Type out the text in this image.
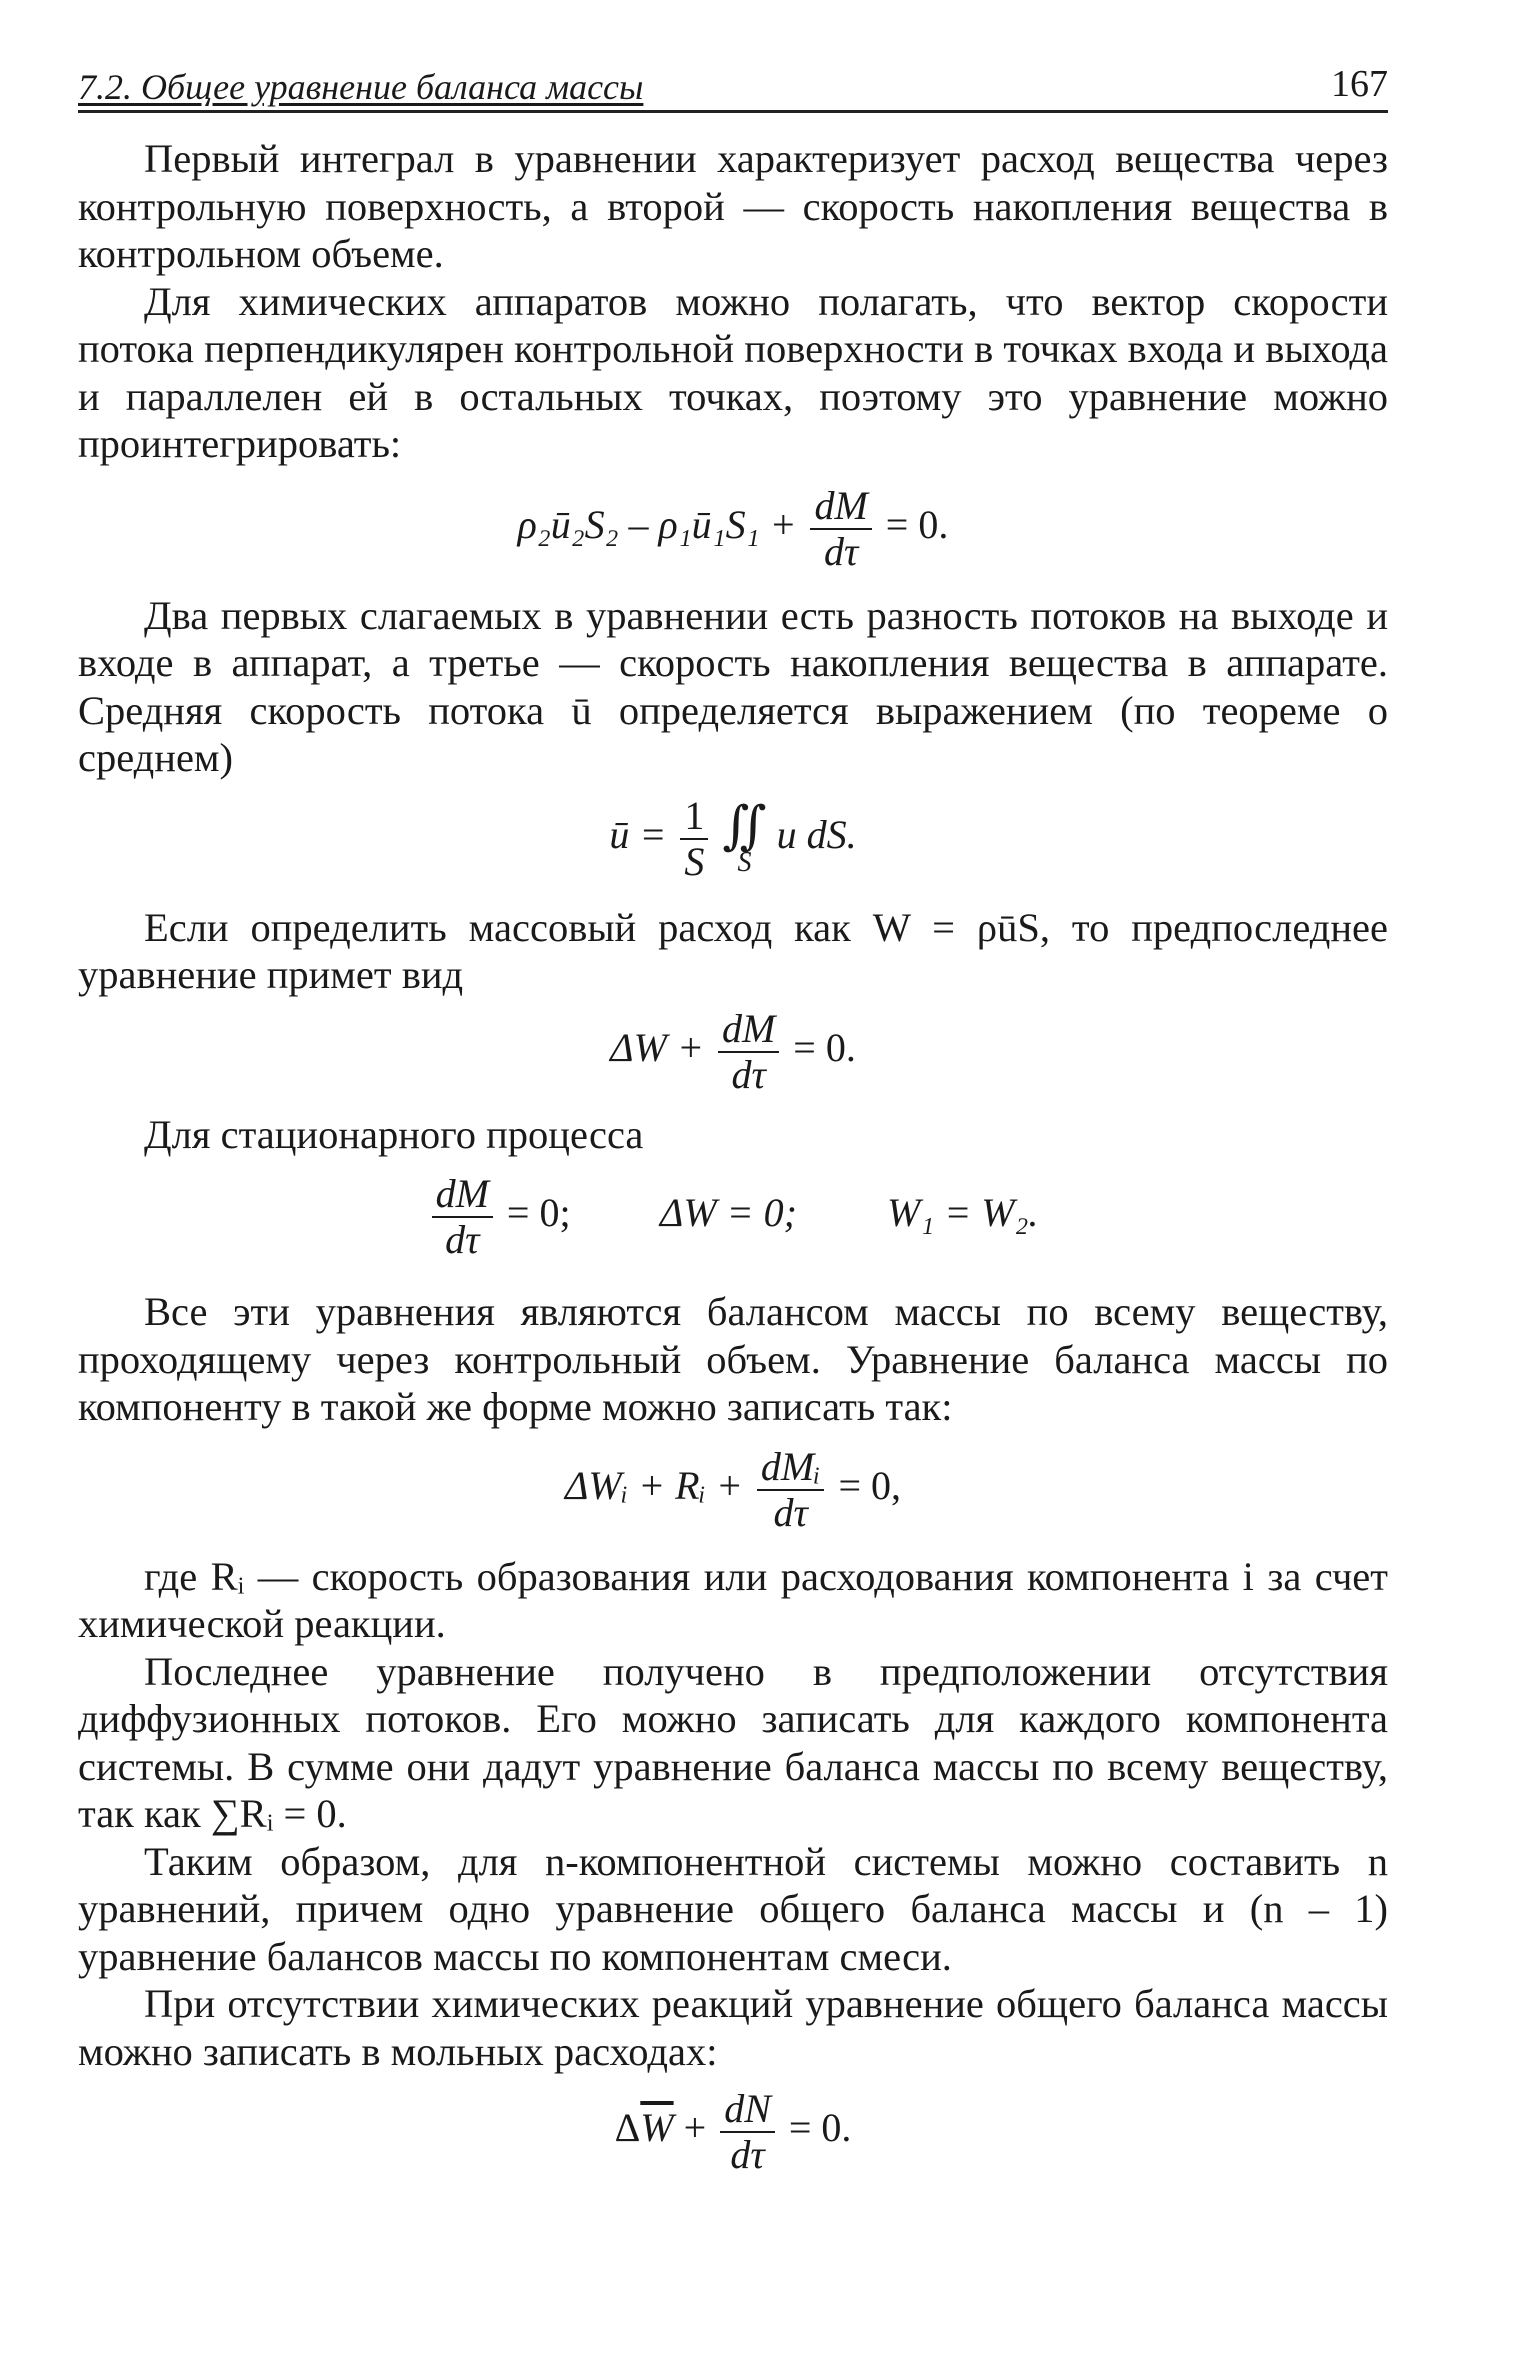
7.2. Общее уравнение баланса массы	167

Первый интеграл в уравнении характеризует расход вещества через контрольную поверхность, а второй — скорость накопления вещества в контрольном объеме.

Для химических аппаратов можно полагать, что вектор скорости потока перпендикулярен контрольной поверхности в точках входа и выхода и параллелен ей в остальных точках, поэтому это уравнение можно проинтегрировать:

ρ₂ū₂S₂ – ρ₁ū₁S₁ + $\frac{dM}{d\tau} = 0$.

Два первых слагаемых в уравнении есть разность потоков на выходе и входе в аппарат, а третье — скорость накопления вещества в аппарате. Средняя скорость потока ū определяется выражением (по теореме о среднем)

ū = $\frac{1}{S}$
∬
S
u dS.

Если определить массовый расход как W = ρūS, то предпоследнее уравнение примет вид

$\Delta W + \frac{dM}{d\tau} = 0$.

Для стационарного процесса

$\frac{dM}{d\tau} = 0$; ΔW = 0; W₁ = W₂.

Все эти уравнения являются балансом массы по всему веществу, проходящему через контрольный объем. Уравнение баланса массы по компоненту в такой же форме можно записать так:

ΔWᵢ + Rᵢ + $\frac{\text{dMᵢ}}{d\tau} = 0$,

где Rᵢ — скорость образования или расходования компонента i за счет химической реакции.

Последнее уравнение получено в предположении отсутствия диффузионных потоков. Его можно записать для каждого компонента системы. В сумме они дадут уравнение баланса массы по всему веществу, так как ∑Rᵢ = 0.

Таким образом, для n-компонентной системы можно составить n уравнений, причем одно уравнение общего баланса массы и (n – 1) уравнение балансов массы по компонентам смеси.

При отсутствии химических реакций уравнение общего баланса массы можно записать в мольных расходах:

$\Delta\overline{W} + \frac{dN}{d\tau} = 0$.
